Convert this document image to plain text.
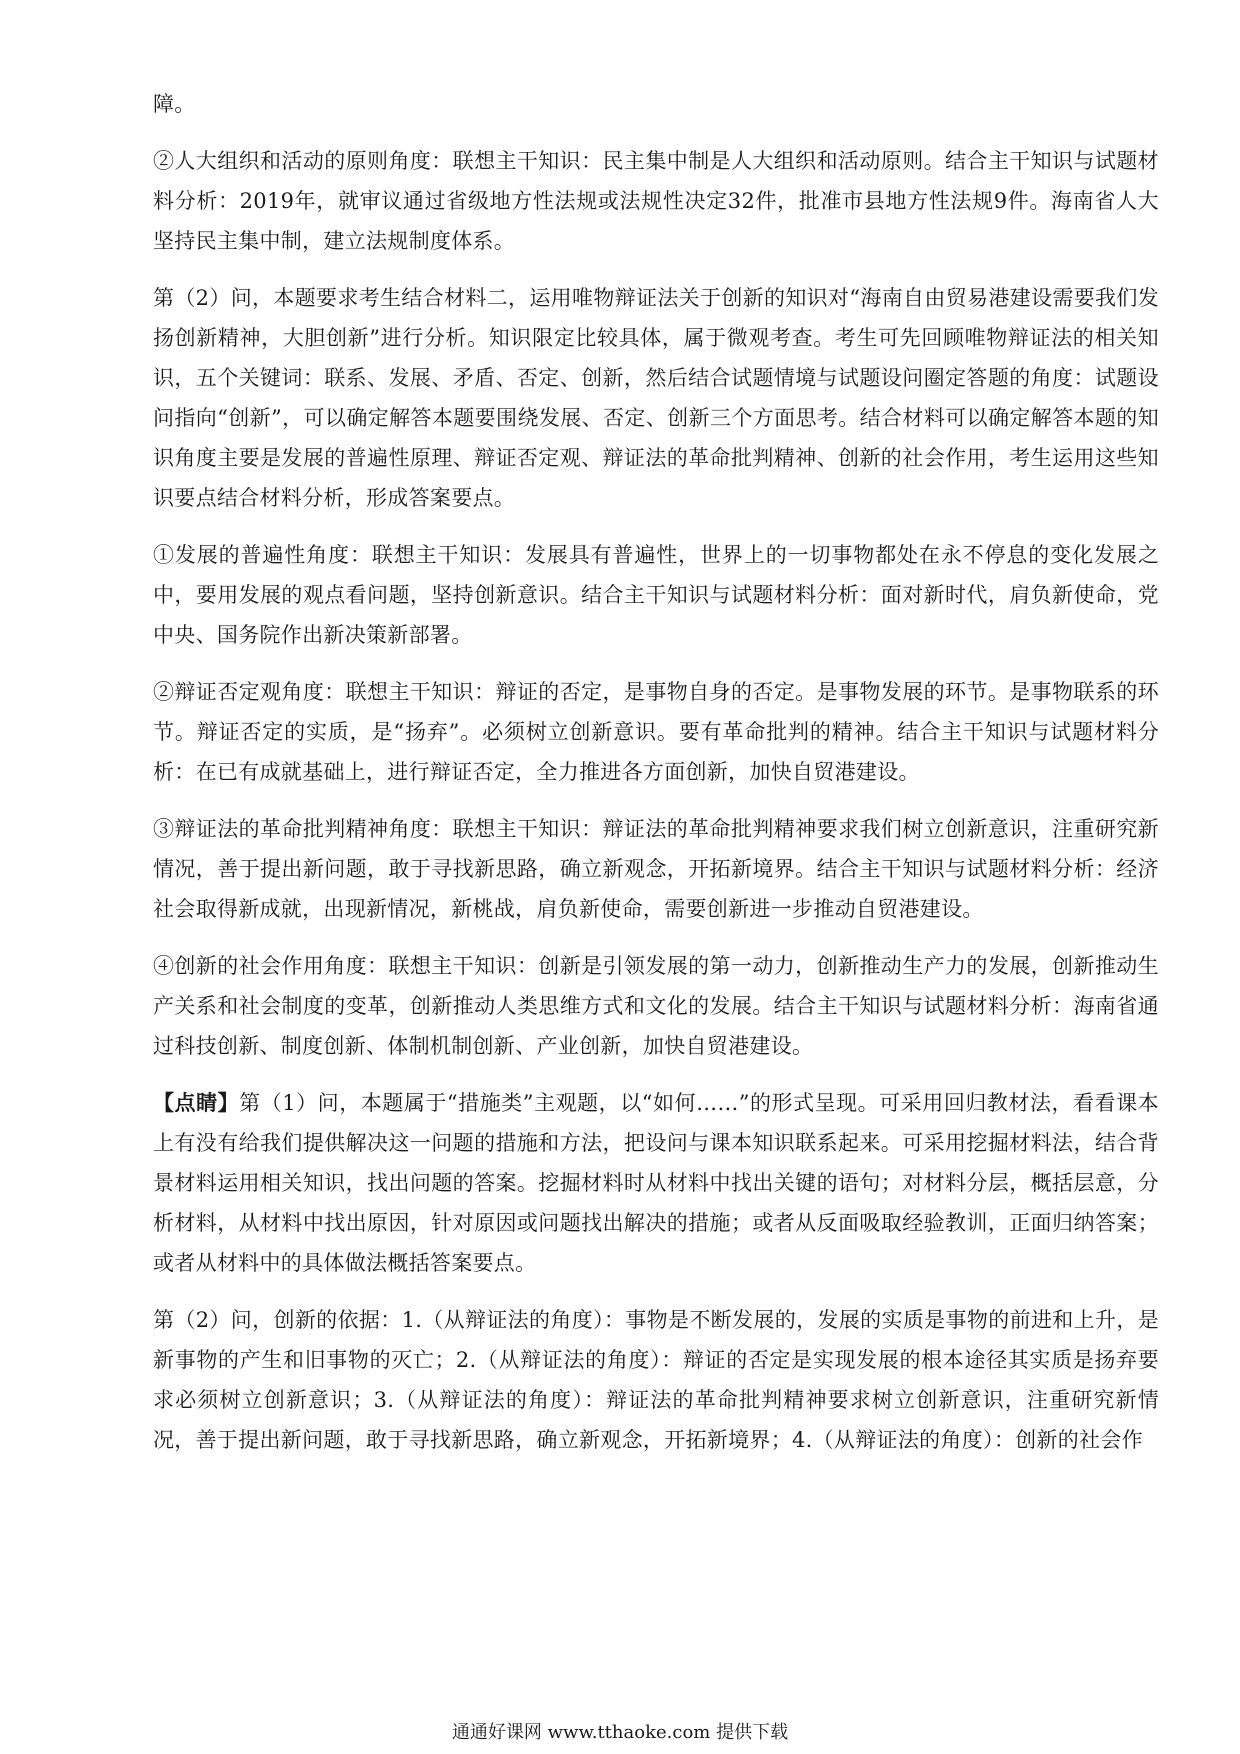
障。

②人大组织和活动的原则角度：联想主干知识：民主集中制是人大组织和活动原则。结合主干知识与试题材料分析：2019年，就审议通过省级地方性法规或法规性决定32件，批准市县地方性法规9件。海南省人大坚持民主集中制，建立法规制度体系。

第（2）问，本题要求考生结合材料二，运用唯物辩证法关于创新的知识对“海南自由贸易港建设需要我们发扬创新精神，大胆创新”进行分析。知识限定比较具体，属于微观考查。考生可先回顾唯物辩证法的相关知识，五个关键词：联系、发展、矛盾、否定、创新，然后结合试题情境与试题设问圈定答题的角度：试题设问指向“创新”，可以确定解答本题要围绕发展、否定、创新三个方面思考。结合材料可以确定解答本题的知识角度主要是发展的普遍性原理、辩证否定观、辩证法的革命批判精神、创新的社会作用，考生运用这些知识要点结合材料分析，形成答案要点。

①发展的普遍性角度：联想主干知识：发展具有普遍性，世界上的一切事物都处在永不停息的变化发展之中，要用发展的观点看问题，坚持创新意识。结合主干知识与试题材料分析：面对新时代，肩负新使命，党中央、国务院作出新决策新部署。

②辩证否定观角度：联想主干知识：辩证的否定，是事物自身的否定。是事物发展的环节。是事物联系的环节。辩证否定的实质，是“扬弃”。必须树立创新意识。要有革命批判的精神。结合主干知识与试题材料分析：在已有成就基础上，进行辩证否定，全力推进各方面创新，加快自贸港建设。

③辩证法的革命批判精神角度：联想主干知识：辩证法的革命批判精神要求我们树立创新意识，注重研究新情况，善于提出新问题，敢于寻找新思路，确立新观念，开拓新境界。结合主干知识与试题材料分析：经济社会取得新成就，出现新情况，新桃战，肩负新使命，需要创新进一步推动自贸港建设。

④创新的社会作用角度：联想主干知识：创新是引领发展的第一动力，创新推动生产力的发展，创新推动生产关系和社会制度的变革，创新推动人类思维方式和文化的发展。结合主干知识与试题材料分析：海南省通过科技创新、制度创新、体制机制创新、产业创新，加快自贸港建设。

【点睛】第（1）问，本题属于“措施类”主观题，以“如何……”的形式呈现。可采用回归教材法，看看课本上有没有给我们提供解决这一问题的措施和方法，把设问与课本知识联系起来。可采用挖掘材料法，结合背景材料运用相关知识，找出问题的答案。挖掘材料时从材料中找出关键的语句；对材料分层，概括层意，分析材料，从材料中找出原因，针对原因或问题找出解决的措施；或者从反面吸取经验教训，正面归纳答案；或者从材料中的具体做法概括答案要点。

第（2）问，创新的依据：1.（从辩证法的角度）：事物是不断发展的，发展的实质是事物的前进和上升，是新事物的产生和旧事物的灭亡；2.（从辩证法的角度）：辩证的否定是实现发展的根本途径其实质是扬弃要求必须树立创新意识；3.（从辩证法的角度）：辩证法的革命批判精神要求树立创新意识，注重研究新情况，善于提出新问题，敢于寻找新思路，确立新观念，开拓新境界；4.（从辩证法的角度）：创新的社会作

通通好课网 www.tthaoke.com 提供下载
